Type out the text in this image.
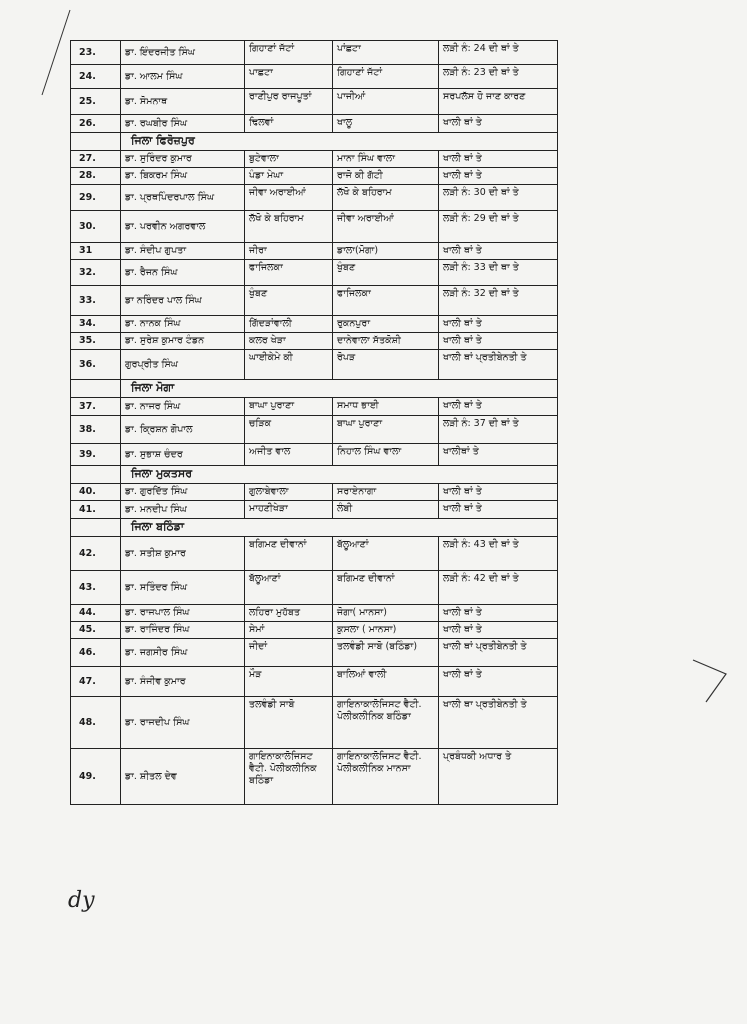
23.	ਡਾ. ਇੰਦਰਜੀਤ ਸਿੰਘ	ਗਿਹਾਣਾਂ ਜੱਟਾਂ	ਪਾਂਛਟਾ	ਲੜੀ ਨੰ: 24 ਦੀ ਥਾਂ ਤੇ
24.	ਡਾ. ਆਲਮ ਸਿੰਘ	ਪਾਛਟਾ	ਗਿਹਾਣਾਂ ਜੱਟਾਂ	ਲੜੀ ਨੰ: 23 ਦੀ ਥਾਂ ਤੇ
25.	ਡਾ. ਸੋਮਨਾਥ	ਰਾਣੀਪੁਰ ਰਾਜਪੂਤਾਂ	ਪਾਜੀਆਂ	ਸਰਪਲੱਸ ਹੋ ਜਾਣ ਕਾਰਣ
26.	ਡਾ. ਰਘਬੀਰ ਸਿੰਘ	ਢਿਲਵਾਂ	ਖਾਲੂ	ਖਾਲੀ ਥਾਂ ਤੇ
	ਜਿਲਾ ਫਿਰੋਜ਼ਪੁਰ			
27.	ਡਾ. ਸੁਰਿੰਦਰ ਕੁਮਾਰ	ਬੁਟੇਵਾਲਾ	ਮਾਨਾ ਸਿੰਘ ਵਾਲਾ	ਖਾਲੀ ਥਾਂ ਤੇ
28.	ਡਾ. ਬਿਕਰਮ ਸਿੰਘ	ਪੰਡਾ ਮੇਘਾ	ਰਾਜੋ ਕੀ ਗੱਟੀ	ਖਾਲੀ ਥਾਂ ਤੇ
29.	ਡਾ. ਪ੍ਰਥਪਿੰਦਰਪਾਲ ਸਿੰਘ	ਜੀਵਾ ਅਰਾਈਆਂ	ਲੱਖੋ ਕੇ ਬਹਿਰਾਮ	ਲੜੀ ਨੰ: 30 ਦੀ ਥਾਂ ਤੇ
30.	ਡਾ. ਪਰਵੀਨ ਅਗਰਵਾਲ	ਲੱਖੋ ਕੇ ਬਹਿਰਾਮ	ਜੀਵਾ ਅਰਾਈਆਂ	ਲੜੀ ਨੰ: 29 ਦੀ ਥਾਂ ਤੇ
31	ਡਾ. ਸੰਦੀਪ ਗੁਪਤਾ	ਜੀਰਾ	ਡਾਲਾ(ਮੋਗਾ)	ਖਾਲੀ ਥਾਂ ਤੇ
32.	ਡਾ. ਰੈਜਨ ਸਿੰਘ	ਫਾਜਿਲਕਾ	ਖੁੰਬਣ	ਲੜੀ ਨੰ: 33 ਦੀ ਥਾ ਤੇ
33.	ਡਾ ਨਰਿੰਦਰ ਪਾਲ ਸਿੰਘ	ਖੁੰਬਣ	ਫਾਜਿਲਕਾ	ਲੜੀ ਨੰ: 32 ਦੀ ਥਾਂ ਤੇ
34.	ਡਾ. ਨਾਨਕ ਸਿੰਘ	ਗਿੱਦੜਾਂਵਾਲੀ	ਰੁਕਨਪੁਰਾ	ਖਾਲੀ ਥਾਂ ਤੇ
35.	ਡਾ. ਸੁਰੇਸ਼ ਕੁਮਾਰ ਟੰਡਨ	ਕਲਰ ਖੇੜਾ	ਦਾਨੇਵਾਲਾ ਸੱਤਕੋਸ਼ੀ	ਖਾਲੀ ਥਾਂ ਤੇ
36.	ਗੁਰਪ੍ਰੀਤ ਸਿੰਘ	ਘਾਈਕੇਮੇ ਕੀ	ਰੋਪੜ	ਖਾਲੀ ਥਾਂ ਪ੍ਰਤੀਬੇਨਤੀ ਤੇ
	ਜਿਲਾ ਮੋਗਾ			
37.	ਡਾ. ਨਾਜਰ ਸਿੰਘ	ਬਾਘਾ ਪੁਰਾਣਾ	ਸਮਾਧ ਭਾਈ	ਖਾਲੀ ਥਾਂ ਤੇ
38.	ਡਾ. ਕ੍ਰਿਸ਼ਨ ਗੋਪਾਲ	ਚੜਿਕ	ਬਾਘਾ ਪੁਰਾਣਾ	ਲੜੀ ਨੰ: 37 ਦੀ ਥਾਂ ਤੇ
39.	ਡਾ. ਸੁਭਾਸ਼ ਚੰਦਰ	ਅਜੀਤ ਵਾਲ	ਨਿਹਾਲ ਸਿੰਘ ਵਾਲਾ	ਖਾਲੀਥਾਂ ਤੇ
	ਜਿਲਾ ਮੁਕਤਸਰ			
40.	ਡਾ. ਗੁਰਦਿੱਤ ਸਿੰਘ	ਗੁਲਾਬੇਵਾਲਾ	ਸਰਾਏਨਾਗਾ	ਖਾਲੀ ਥਾਂ ਤੇ
41.	ਡਾ. ਮਨਦੀਪ ਸਿੰਘ	ਮਾਹਣੀਖੇੜਾ	ਲੰਬੀ	ਖਾਲੀ ਥਾਂ ਤੇ
	ਜਿਲਾ ਬਠਿੰਡਾ			
42.	ਡਾ. ਸਤੀਸ਼ ਕੁਮਾਰ	ਬਗਿਮਣ ਦੀਵਾਨਾਂ	ਬੱਲੂਆਣਾਂ	ਲੜੀ ਨੰ: 43 ਦੀ ਥਾਂ ਤੇ
43.	ਡਾ. ਸਤਿੰਦਰ ਸਿੰਘ	ਬੱਲੂਆਣਾਂ	ਬਗਿਮਣ ਦੀਵਾਨਾਂ	ਲੜੀ ਨੰ: 42 ਦੀ ਥਾਂ ਤੇ
44.	ਡਾ. ਰਾਜਪਾਲ ਸਿੰਘ	ਲਹਿਰਾ ਮੁਹੱਬਤ	ਜੋਗਾ( ਮਾਨਸਾ)	ਖਾਲੀ ਥਾਂ ਤੇ
45.	ਡਾ. ਰਾਜਿੰਦਰ ਸਿੰਘ	ਸੇਮਾਂ	ਕੁਸਲਾ ( ਮਾਨਸਾ)	ਖਾਲੀ ਥਾਂ ਤੇ
46.	ਡਾ. ਜਗਸੀਰ ਸਿੰਘ	ਜੀਦਾਂ	ਤਲਵੰਡੀ ਸਾਬੋ (ਬਠਿੰਡਾ)	ਖਾਲੀ ਥਾਂ ਪ੍ਰਤੀਬੇਨਤੀ ਤੇ
47.	ਡਾ. ਸੰਜੀਵ ਕੁਮਾਰ	ਮੌੜ	ਬਾਲਿਆਂ ਵਾਲੀ	ਖਾਲੀ ਥਾਂ ਤੇ
48.	ਡਾ. ਰਾਜਦੀਪ ਸਿੰਘ	ਤਲਵੰਡੀ ਸਾਬੋ	ਗਾਇਨਾਕਾਲੋਜਿਸਟ ਵੈਟੀ. ਪੋਲੀਕਲੀਨਿਕ ਬਠਿੰਡਾ	ਖਾਲੀ ਥਾ ਪ੍ਰਤੀਬੇਨਤੀ ਤੇ
49.	ਡਾ. ਸ਼ੀਤਲ ਦੇਵ	ਗਾਇਨਾਕਾਲੋਜਿਸਟ ਵੈਟੀ. ਪੋਲੀਕਲੀਨਿਕ ਬਠਿੰਡਾ	ਗਾਇਨਾਕਾਲੋਜਿਸਟ ਵੈਟੀ. ਪੋਲੀਕਲੀਨਿਕ ਮਾਨਸਾ	ਪ੍ਰਬੰਧਕੀ ਅਧਾਰ ਤੇ
dy
